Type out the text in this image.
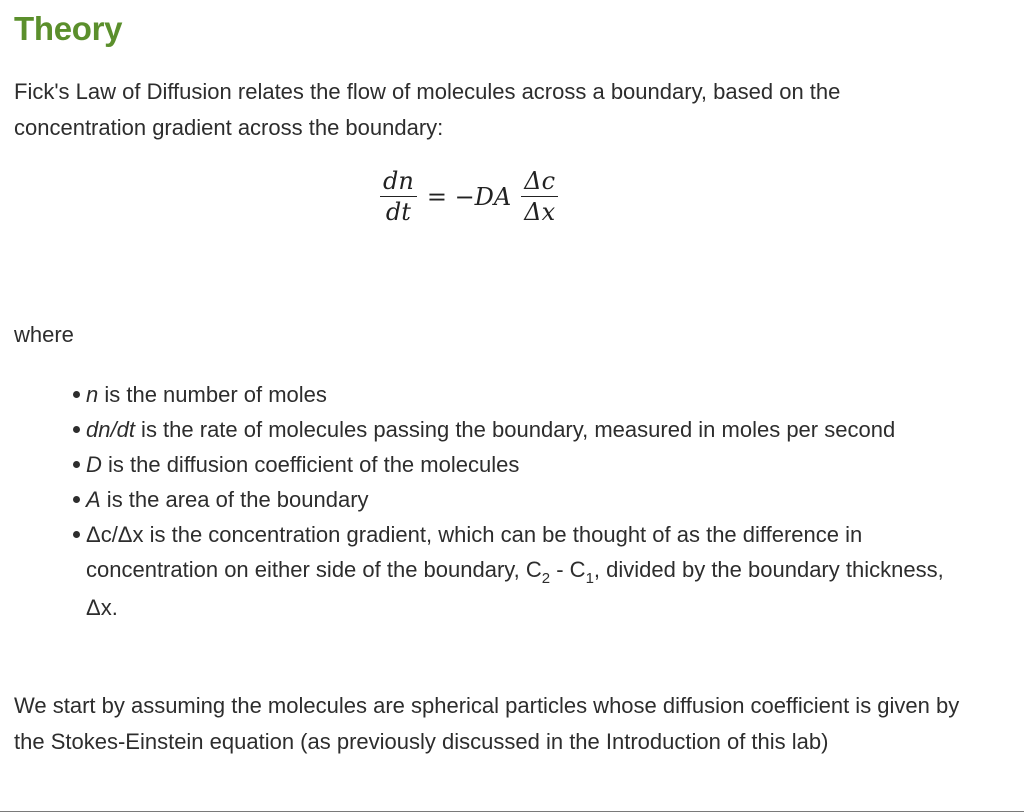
Theory

Fick's Law of Diffusion relates the flow of molecules across a boundary, based on the concentration gradient across the boundary:

$\frac{dn}{dt} = -DA \frac{\Delta c}{\Delta x}$

where

n is the number of moles
dn/dt is the rate of molecules passing the boundary, measured in moles per second
D is the diffusion coefficient of the molecules
A is the area of the boundary
Δc/Δx is the concentration gradient, which can be thought of as the difference in concentration on either side of the boundary, $C_2 - C_1$, divided by the boundary thickness, Δx.

We start by assuming the molecules are spherical particles whose diffusion coefficient is given by the Stokes-Einstein equation (as previously discussed in the Introduction of this lab)
